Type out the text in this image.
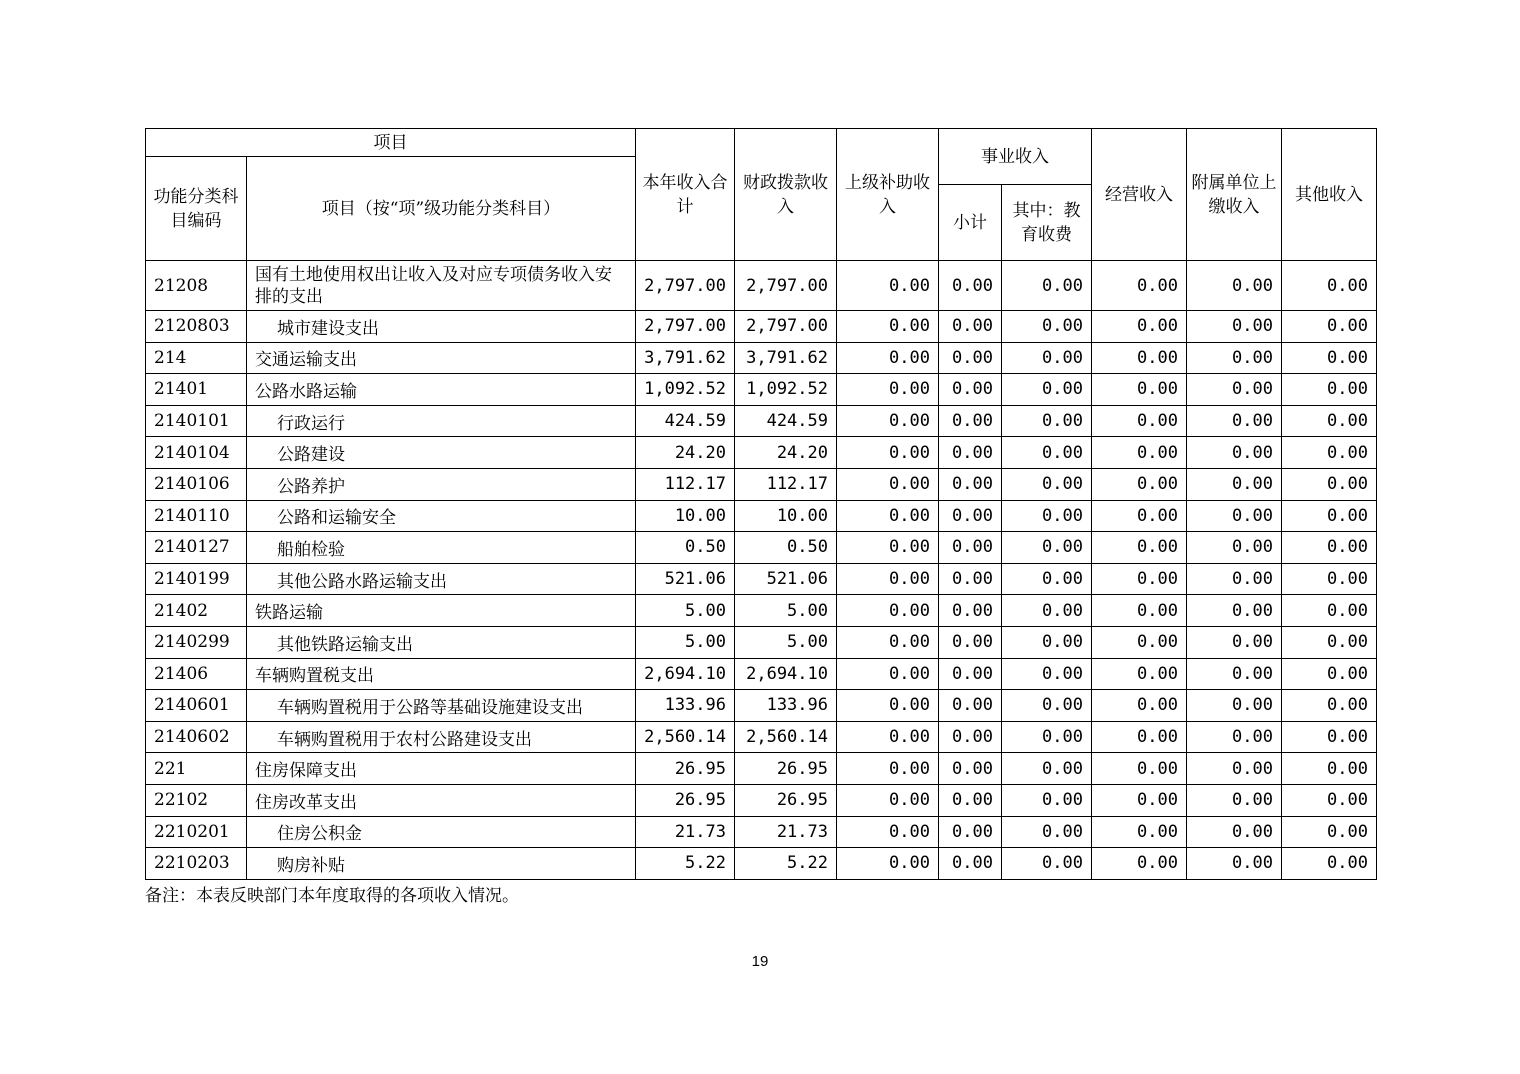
项目		本年收入合计	财政拨款收入	上级补助收入	事业收入		经营收入	附属单位上缴收入	其他收入
功能分类科目编码	项目（按“项”级功能分类科目）								
					小计	其中：教育收费			
21208	国有土地使用权出让收入及对应专项债务收入安排的支出	2,797.00	2,797.00	0.00	0.00	0.00	0.00	0.00	0.00
2120803	城市建设支出	2,797.00	2,797.00	0.00	0.00	0.00	0.00	0.00	0.00
214	交通运输支出	3,791.62	3,791.62	0.00	0.00	0.00	0.00	0.00	0.00
21401	公路水路运输	1,092.52	1,092.52	0.00	0.00	0.00	0.00	0.00	0.00
2140101	行政运行	424.59	424.59	0.00	0.00	0.00	0.00	0.00	0.00
2140104	公路建设	24.20	24.20	0.00	0.00	0.00	0.00	0.00	0.00
2140106	公路养护	112.17	112.17	0.00	0.00	0.00	0.00	0.00	0.00
2140110	公路和运输安全	10.00	10.00	0.00	0.00	0.00	0.00	0.00	0.00
2140127	船舶检验	0.50	0.50	0.00	0.00	0.00	0.00	0.00	0.00
2140199	其他公路水路运输支出	521.06	521.06	0.00	0.00	0.00	0.00	0.00	0.00
21402	铁路运输	5.00	5.00	0.00	0.00	0.00	0.00	0.00	0.00
2140299	其他铁路运输支出	5.00	5.00	0.00	0.00	0.00	0.00	0.00	0.00
21406	车辆购置税支出	2,694.10	2,694.10	0.00	0.00	0.00	0.00	0.00	0.00
2140601	车辆购置税用于公路等基础设施建设支出	133.96	133.96	0.00	0.00	0.00	0.00	0.00	0.00
2140602	车辆购置税用于农村公路建设支出	2,560.14	2,560.14	0.00	0.00	0.00	0.00	0.00	0.00
221	住房保障支出	26.95	26.95	0.00	0.00	0.00	0.00	0.00	0.00
22102	住房改革支出	26.95	26.95	0.00	0.00	0.00	0.00	0.00	0.00
2210201	住房公积金	21.73	21.73	0.00	0.00	0.00	0.00	0.00	0.00
2210203	购房补贴	5.22	5.22	0.00	0.00	0.00	0.00	0.00	0.00
备注：本表反映部门本年度取得的各项收入情况。
19
